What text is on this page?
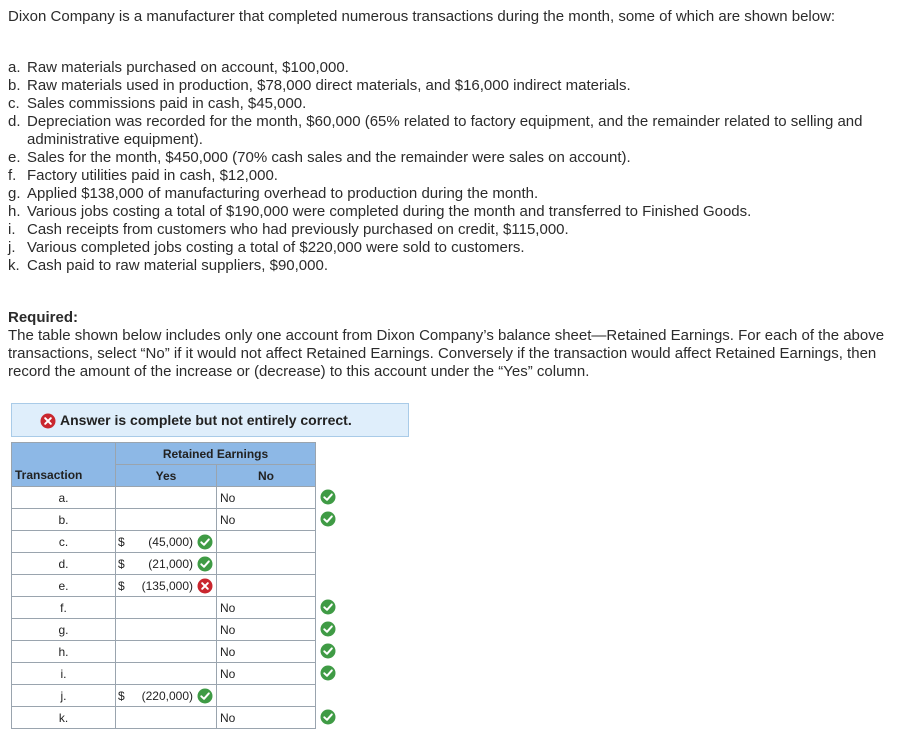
Dixon Company is a manufacturer that completed numerous transactions during the month, some of which are shown below:
a. Raw materials purchased on account, $100,000.
b. Raw materials used in production, $78,000 direct materials, and $16,000 indirect materials.
c. Sales commissions paid in cash, $45,000.
d. Depreciation was recorded for the month, $60,000 (65% related to factory equipment, and the remainder related to selling and administrative equipment).
e. Sales for the month, $450,000 (70% cash sales and the remainder were sales on account).
f. Factory utilities paid in cash, $12,000.
g. Applied $138,000 of manufacturing overhead to production during the month.
h. Various jobs costing a total of $190,000 were completed during the month and transferred to Finished Goods.
i. Cash receipts from customers who had previously purchased on credit, $115,000.
j. Various completed jobs costing a total of $220,000 were sold to customers.
k. Cash paid to raw material suppliers, $90,000.
Required:
The table shown below includes only one account from Dixon Company’s balance sheet—Retained Earnings. For each of the above transactions, select “No” if it would not affect Retained Earnings. Conversely if the transaction would affect Retained Earnings, then record the amount of the increase or (decrease) to this account under the “Yes” column.
Answer is complete but not entirely correct.
	Retained Earnings	
Transaction	Yes	No
a.		No

b.		No

c.	$ (45,000)	

d.	$ (21,000)	

e.	$ (135,000)	

f.		No

g.		No

h.		No

i.		No

j.	$ (220,000)	

k.		No
